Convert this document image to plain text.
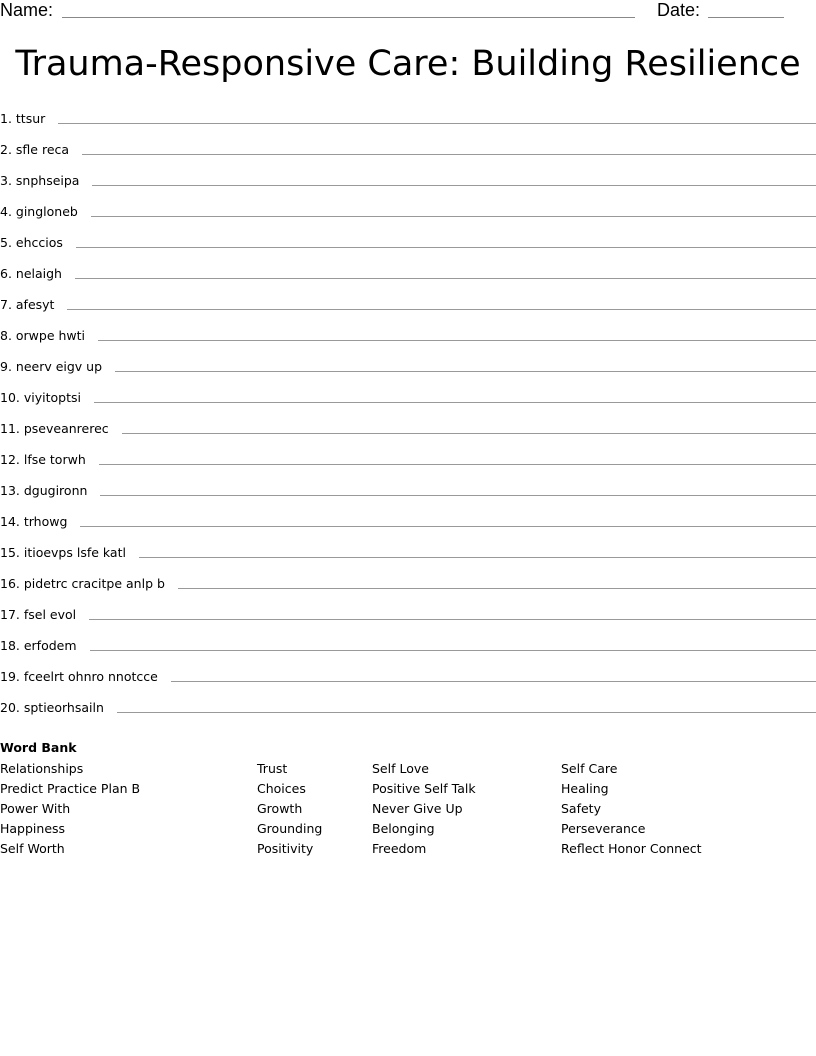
Name:	Date:
Trauma-Responsive Care: Building Resilience
1. ttsur
2. sfle reca
3. snphseipa
4. gingloneb
5. ehccios
6. nelaigh
7. afesyt
8. orwpe hwti
9. neerv eigv up
10. viyitoptsi
11. pseveanrerec
12. lfse torwh
13. dgugironn
14. trhowg
15. itioevps lsfe katl
16. pidetrc cracitpe anlp b
17. fsel evol
18. erfodem
19. fceelrt ohnro nnotcce
20. sptieorhsailn

Word Bank

Relationships
Predict Practice Plan B
Power With
Happiness
Self Worth
Trust
Choices
Growth
Grounding
Positivity
Self Love
Positive Self Talk
Never Give Up
Belonging
Freedom
Self Care
Healing
Safety
Perseverance
Reflect Honor Connect
